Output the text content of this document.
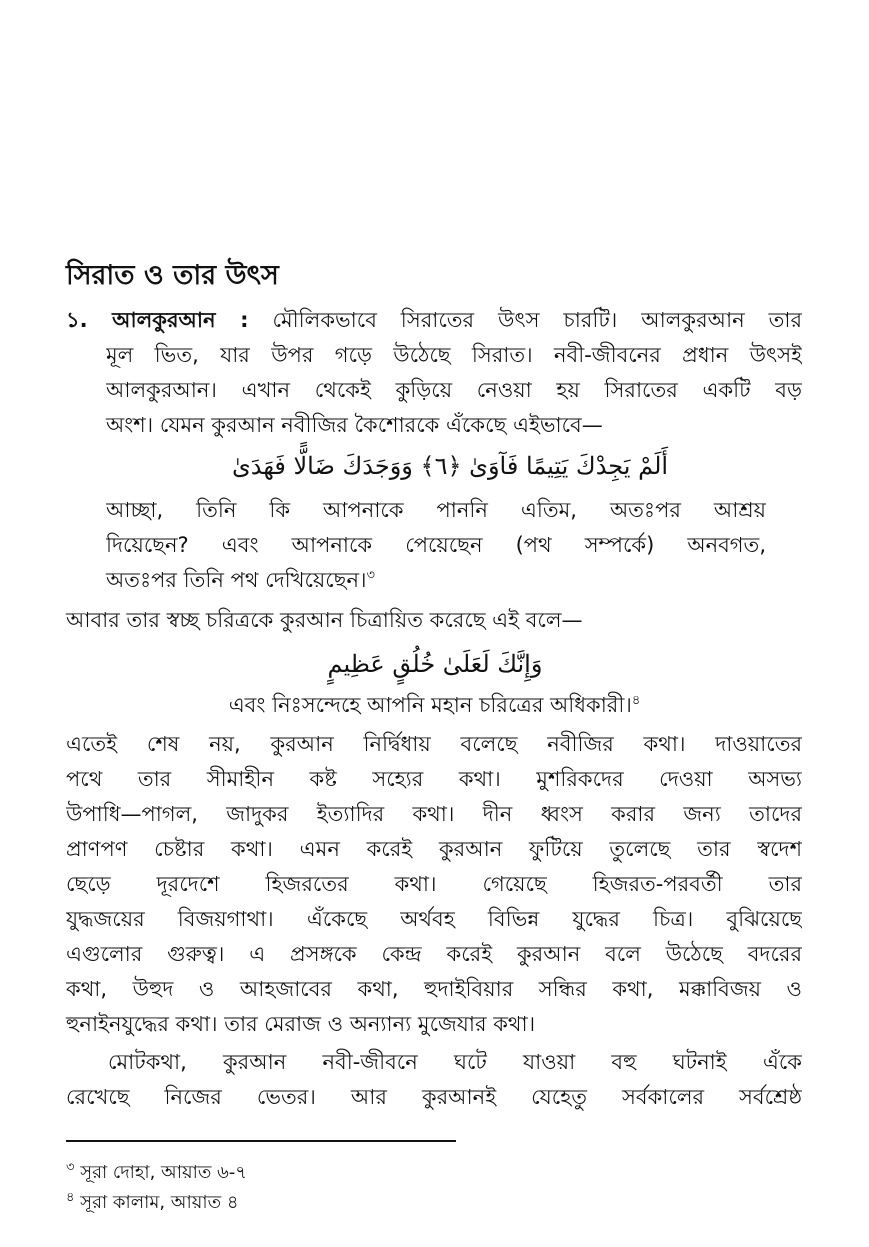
সিরাত ও তার উৎস
১. আলকুরআন : মৌলিকভাবে সিরাতের উৎস চারটি। আলকুরআন তার
মূল ভিত, যার উপর গড়ে উঠেছে সিরাত। নবী-জীবনের প্রধান উৎসই
আলকুরআন। এখান থেকেই কুড়িয়ে নেওয়া হয় সিরাতের একটি বড়
অংশ। যেমন কুরআন নবীজির কৈশোরকে এঁকেছে এইভাবে—
أَلَمْ يَجِدْكَ يَتِيمًا فَآوَىٰ ﴿٦﴾ وَوَجَدَكَ ضَالًّا فَهَدَىٰ
আচ্ছা, তিনি কি আপনাকে পাননি এতিম, অতঃপর আশ্রয়
দিয়েছেন? এবং আপনাকে পেয়েছেন (পথ সম্পর্কে) অনবগত,
অতঃপর তিনি পথ দেখিয়েছেন।$^৩$
আবার তার স্বচ্ছ চরিত্রকে কুরআন চিত্রায়িত করেছে এই বলে—
وَإِنَّكَ لَعَلَىٰ خُلُقٍ عَظِيمٍ
এবং নিঃসন্দেহে আপনি মহান চরিত্রের অধিকারী।$^৪$
এতেই শেষ নয়, কুরআন নির্দ্বিধায় বলেছে নবীজির কথা। দাওয়াতের
পথে তার সীমাহীন কষ্ট সহ্যের কথা। মুশরিকদের দেওয়া অসভ্য
উপাধি—পাগল, জাদুকর ইত্যাদির কথা। দীন ধ্বংস করার জন্য তাদের
প্রাণপণ চেষ্টার কথা। এমন করেই কুরআন ফুটিয়ে তুলেছে তার স্বদেশ
ছেড়ে দূরদেশে হিজরতের কথা। গেয়েছে হিজরত-পরবর্তী তার
যুদ্ধজয়ের বিজয়গাথা। এঁকেছে অর্থবহ বিভিন্ন যুদ্ধের চিত্র। বুঝিয়েছে
এগুলোর গুরুত্ব। এ প্রসঙ্গকে কেন্দ্র করেই কুরআন বলে উঠেছে বদরের
কথা, উহুদ ও আহজাবের কথা, হুদাইবিয়ার সন্ধির কথা, মক্কাবিজয় ও
হুনাইনযুদ্ধের কথা। তার মেরাজ ও অন্যান্য মুজেযার কথা।
মোটকথা, কুরআন নবী-জীবনে ঘটে যাওয়া বহু ঘটনাই এঁকে
রেখেছে নিজের ভেতর। আর কুরআনই যেহেতু সর্বকালের সর্বশ্রেষ্ঠ
$^৩$ সূরা দোহা, আয়াত ৬-৭
$^৪$ সূরা কালাম, আয়াত ৪
